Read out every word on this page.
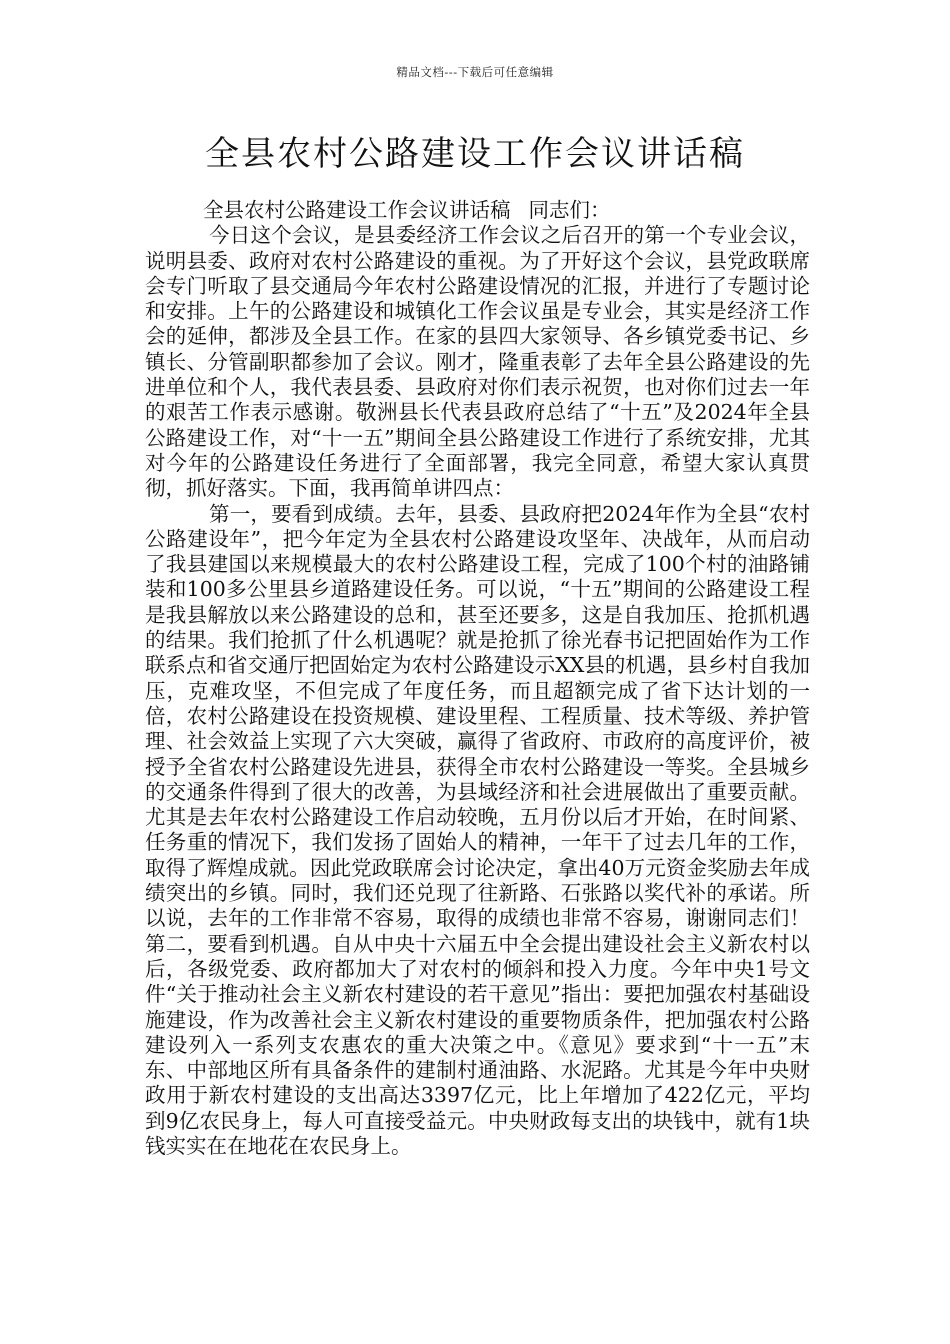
精品文档---下载后可任意编辑
全县农村公路建设工作会议讲话稿

全县农村公路建设工作会议讲话稿 同志们：

今日这个会议，是县委经济工作会议之后召开的第一个专业会议，说明县委、政府对农村公路建设的重视。为了开好这个会议，县党政联席会专门听取了县交通局今年农村公路建设情况的汇报，并进行了专题讨论和安排。上午的公路建设和城镇化工作会议虽是专业会，其实是经济工作会的延伸，都涉及全县工作。在家的县四大家领导、各乡镇党委书记、乡镇长、分管副职都参加了会议。刚才，隆重表彰了去年全县公路建设的先进单位和个人，我代表县委、县政府对你们表示祝贺，也对你们过去一年的艰苦工作表示感谢。敬洲县长代表县政府总结了“十五”及2024年全县公路建设工作，对“十一五”期间全县公路建设工作进行了系统安排，尤其对今年的公路建设任务进行了全面部署，我完全同意，希望大家认真贯彻，抓好落实。下面，我再简单讲四点：

第一，要看到成绩。去年，县委、县政府把2024年作为全县“农村公路建设年”，把今年定为全县农村公路建设攻坚年、决战年，从而启动了我县建国以来规模最大的农村公路建设工程，完成了100个村的油路铺装和100多公里县乡道路建设任务。可以说，“十五”期间的公路建设工程是我县解放以来公路建设的总和，甚至还要多，这是自我加压、抢抓机遇的结果。我们抢抓了什么机遇呢？就是抢抓了徐光春书记把固始作为工作联系点和省交通厅把固始定为农村公路建设示XX县的机遇，县乡村自我加压，克难攻坚，不但完成了年度任务，而且超额完成了省下达计划的一倍，农村公路建设在投资规模、建设里程、工程质量、技术等级、养护管理、社会效益上实现了六大突破，赢得了省政府、市政府的高度评价，被授予全省农村公路建设先进县，获得全市农村公路建设一等奖。全县城乡的交通条件得到了很大的改善，为县域经济和社会进展做出了重要贡献。尤其是去年农村公路建设工作启动较晚，五月份以后才开始，在时间紧、任务重的情况下，我们发扬了固始人的精神，一年干了过去几年的工作，取得了辉煌成就。因此党政联席会讨论决定，拿出40万元资金奖励去年成绩突出的乡镇。同时，我们还兑现了往新路、石张路以奖代补的承诺。所以说，去年的工作非常不容易，取得的成绩也非常不容易，谢谢同志们！　第二，要看到机遇。自从中央十六届五中全会提出建设社会主义新农村以后，各级党委、政府都加大了对农村的倾斜和投入力度。今年中央1号文件“关于推动社会主义新农村建设的若干意见”指出：要把加强农村基础设施建设，作为改善社会主义新农村建设的重要物质条件，把加强农村公路建设列入一系列支农惠农的重大决策之中。《意见》要求到“十一五”末东、中部地区所有具备条件的建制村通油路、水泥路。尤其是今年中央财政用于新农村建设的支出高达3397亿元，比上年增加了422亿元，平均到9亿农民身上，每人可直接受益元。中央财政每支出的块钱中，就有1块钱实实在在地花在农民身上。
